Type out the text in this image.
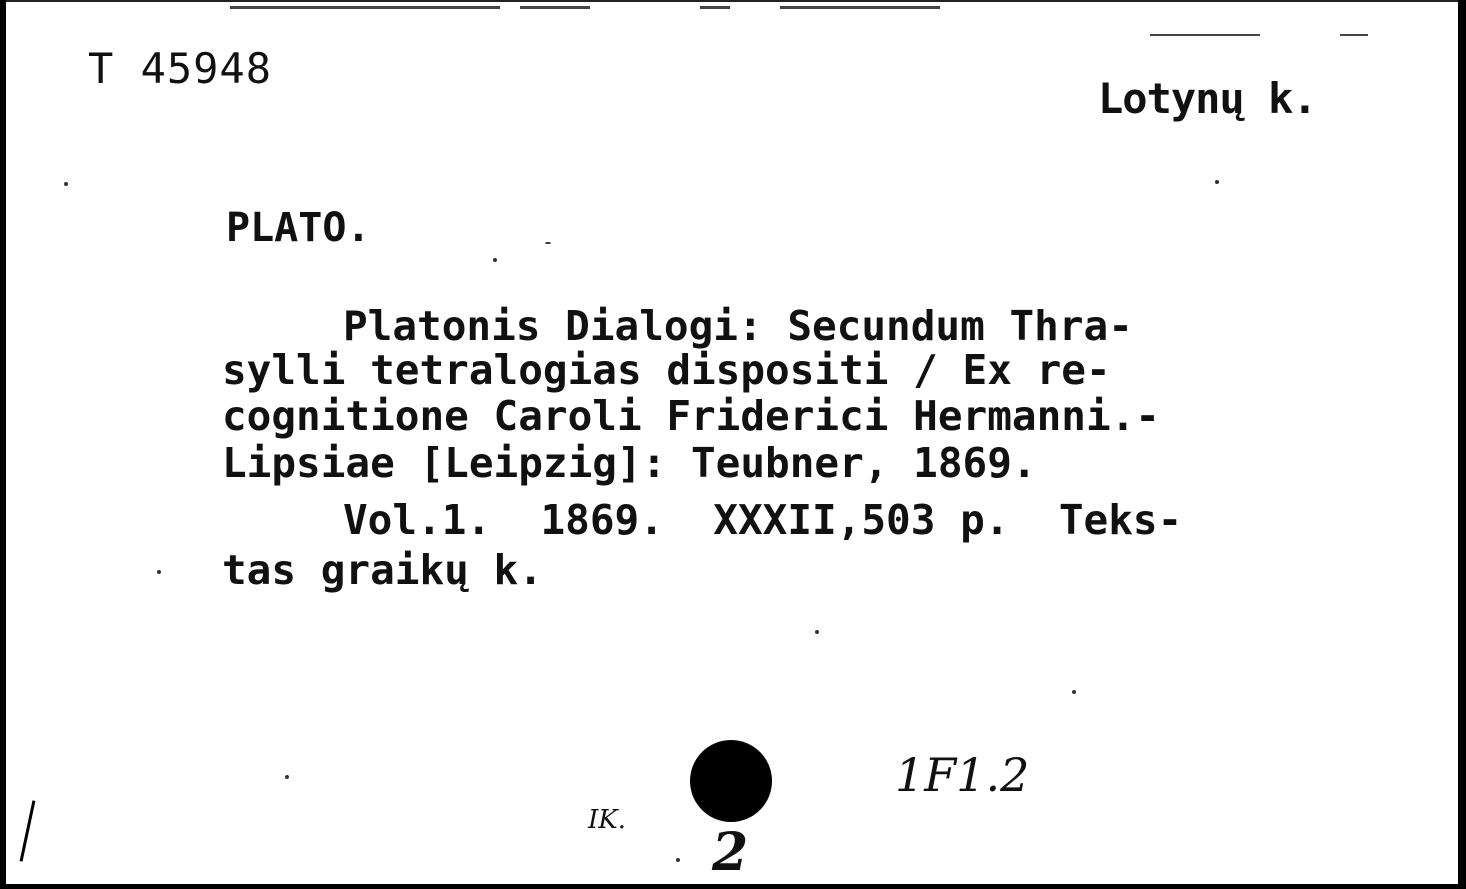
T 45948
Lotynų k.
PLATO.
Platonis Dialogi: Secundum Thra-
sylli tetralogias dispositi / Ex re-
cognitione Caroli Friderici Hermanni.-
Lipsiae [Leipzig]: Teubner, 1869.
Vol.1.  1869.  XXXII,503 p.  Teks-
tas graikų k.
1F1.2
IK.
2
